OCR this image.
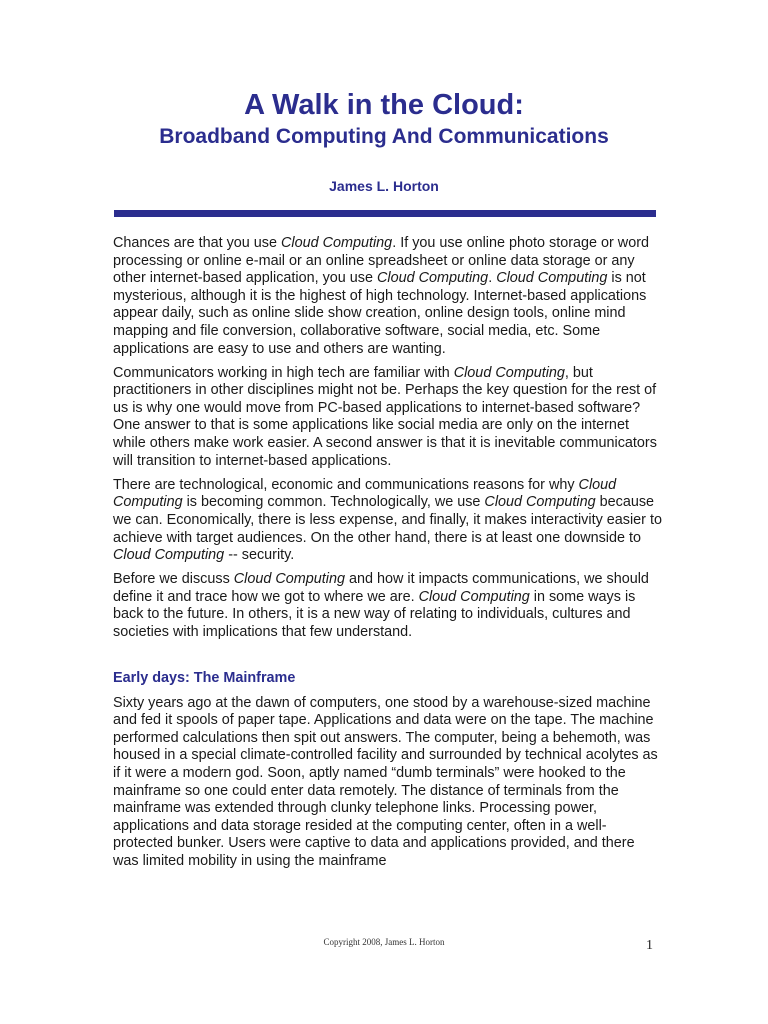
A Walk in the Cloud:
Broadband Computing And Communications
James L. Horton

Chances are that you use Cloud Computing. If you use online photo storage or word processing or online e-mail or an online spreadsheet or online data storage or any other internet-based application, you use Cloud Computing. Cloud Computing is not mysterious, although it is the highest of high technology. Internet-based applications appear daily, such as online slide show creation, online design tools, online mind mapping and file conversion, collaborative software, social media, etc. Some applications are easy to use and others are wanting.

Communicators working in high tech are familiar with Cloud Computing, but practitioners in other disciplines might not be. Perhaps the key question for the rest of us is why one would move from PC-based applications to internet-based software? One answer to that is some applications like social media are only on the internet while others make work easier. A second answer is that it is inevitable communicators will transition to internet-based applications.

There are technological, economic and communications reasons for why Cloud Computing is becoming common. Technologically, we use Cloud Computing because we can. Economically, there is less expense, and finally, it makes interactivity easier to achieve with target audiences. On the other hand, there is at least one downside to Cloud Computing -- security.

Before we discuss Cloud Computing and how it impacts communications, we should define it and trace how we got to where we are. Cloud Computing in some ways is back to the future. In others, it is a new way of relating to individuals, cultures and societies with implications that few understand.

Early days: The Mainframe

Sixty years ago at the dawn of computers, one stood by a warehouse-sized machine and fed it spools of paper tape. Applications and data were on the tape. The machine performed calculations then spit out answers. The computer, being a behemoth, was housed in a special climate-controlled facility and surrounded by technical acolytes as if it were a modern god. Soon, aptly named “dumb terminals” were hooked to the mainframe so one could enter data remotely. The distance of terminals from the mainframe was extended through clunky telephone links. Processing power, applications and data storage resided at the computing center, often in a well-protected bunker. Users were captive to data and applications provided, and there was limited mobility in using the mainframe

Copyright 2008, James L. Horton	1
